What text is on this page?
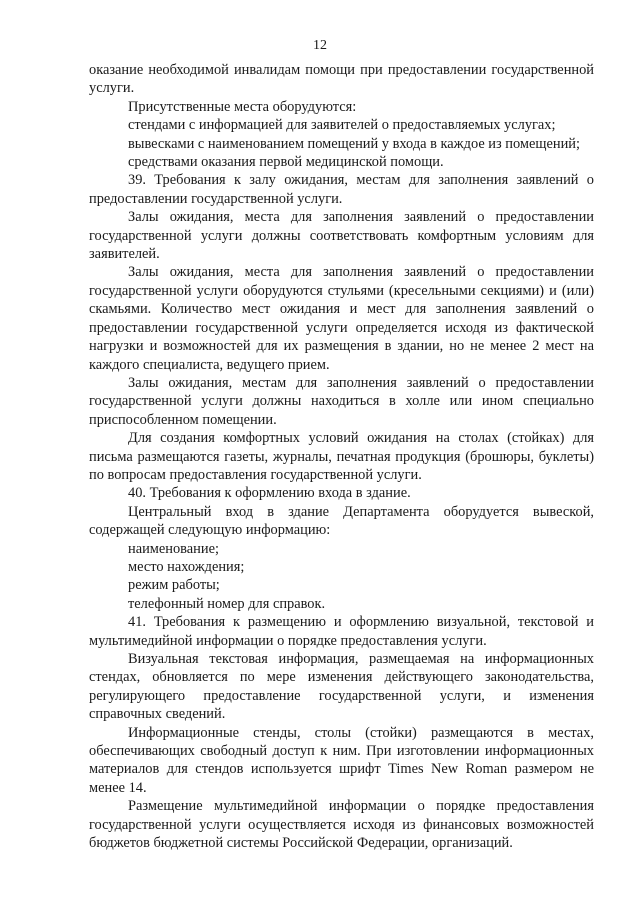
12

оказание необходимой инвалидам помощи при предоставлении государственной услуги.

Присутственные места оборудуются:

стендами с информацией для заявителей о предоставляемых услугах;

вывесками с наименованием помещений у входа в каждое из помещений;

средствами оказания первой медицинской помощи.

39. Требования к залу ожидания, местам для заполнения заявлений о предоставлении государственной услуги.

Залы ожидания, места для заполнения заявлений о предоставлении государственной услуги должны соответствовать комфортным условиям для заявителей.

Залы ожидания, места для заполнения заявлений о предоставлении государственной услуги оборудуются стульями (кресельными секциями) и (или) скамьями. Количество мест ожидания и мест для заполнения заявлений о предоставлении государственной услуги определяется исходя из фактической нагрузки и возможностей для их размещения в здании, но не менее 2 мест на каждого специалиста, ведущего прием.

Залы ожидания, местам для заполнения заявлений о предоставлении государственной услуги должны находиться в холле или ином специально приспособленном помещении.

Для создания комфортных условий ожидания на столах (стойках) для письма размещаются газеты, журналы, печатная продукция (брошюры, буклеты) по вопросам предоставления государственной услуги.

40. Требования к оформлению входа в здание.

Центральный вход в здание Департамента оборудуется вывеской, содержащей следующую информацию:

наименование;

место нахождения;

режим работы;

телефонный номер для справок.

41. Требования к размещению и оформлению визуальной, текстовой и мультимедийной информации о порядке предоставления услуги.

Визуальная текстовая информация, размещаемая на информационных стендах, обновляется по мере изменения действующего законодательства, регулирующего предоставление государственной услуги, и изменения справочных сведений.

Информационные стенды, столы (стойки) размещаются в местах, обеспечивающих свободный доступ к ним. При изготовлении информационных материалов для стендов используется шрифт Times New Roman размером не менее 14.

Размещение мультимедийной информации о порядке предоставления государственной услуги осуществляется исходя из финансовых возможностей бюджетов бюджетной системы Российской Федерации, организаций.
